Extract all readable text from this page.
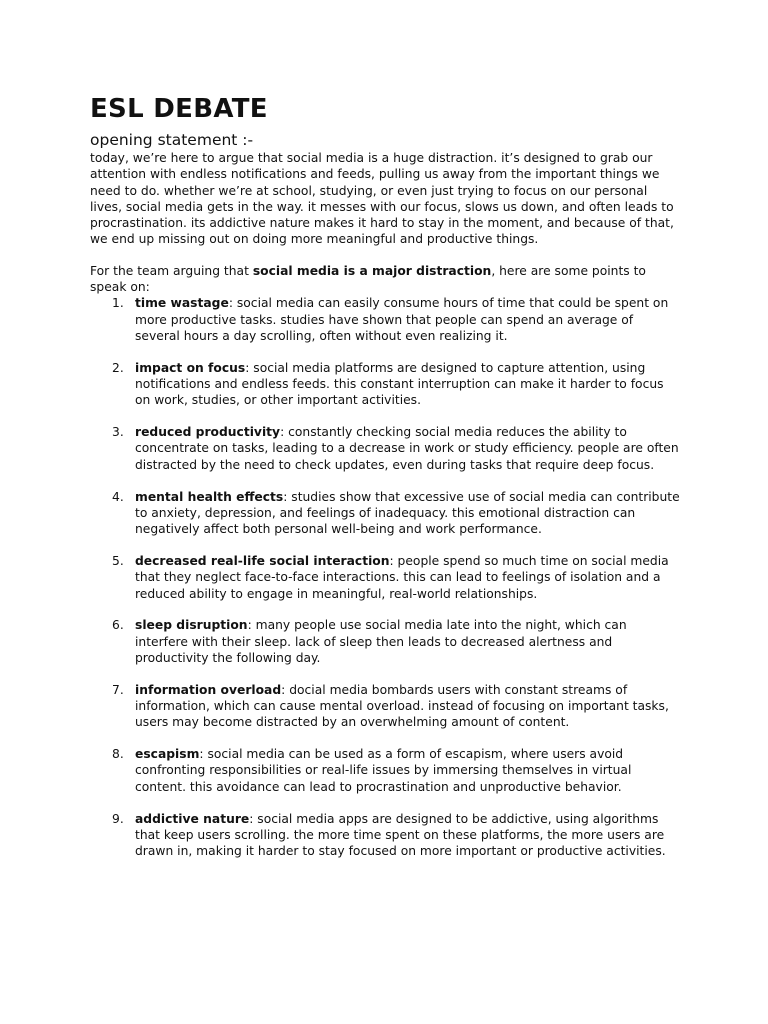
ESL DEBATE
opening statement :-

today, we’re here to argue that social media is a huge distraction. it’s designed to grab our attention with endless notifications and feeds, pulling us away from the important things we need to do. whether we’re at school, studying, or even just trying to focus on our personal lives, social media gets in the way. it messes with our focus, slows us down, and often leads to procrastination. its addictive nature makes it hard to stay in the moment, and because of that, we end up missing out on doing more meaningful and productive things.

For the team arguing that social media is a major distraction, here are some points to speak on:

1. time wastage: social media can easily consume hours of time that could be spent on more productive tasks. studies have shown that people can spend an average of several hours a day scrolling, often without even realizing it.
2. impact on focus: social media platforms are designed to capture attention, using notifications and endless feeds. this constant interruption can make it harder to focus on work, studies, or other important activities.
3. reduced productivity: constantly checking social media reduces the ability to concentrate on tasks, leading to a decrease in work or study efficiency. people are often distracted by the need to check updates, even during tasks that require deep focus.
4. mental health effects: studies show that excessive use of social media can contribute to anxiety, depression, and feelings of inadequacy. this emotional distraction can negatively affect both personal well-being and work performance.
5. decreased real-life social interaction: people spend so much time on social media that they neglect face-to-face interactions. this can lead to feelings of isolation and a reduced ability to engage in meaningful, real-world relationships.
6. sleep disruption: many people use social media late into the night, which can interfere with their sleep. lack of sleep then leads to decreased alertness and productivity the following day.
7. information overload: docial media bombards users with constant streams of information, which can cause mental overload. instead of focusing on important tasks, users may become distracted by an overwhelming amount of content.
8. escapism: social media can be used as a form of escapism, where users avoid confronting responsibilities or real-life issues by immersing themselves in virtual content. this avoidance can lead to procrastination and unproductive behavior.
9. addictive nature: social media apps are designed to be addictive, using algorithms that keep users scrolling. the more time spent on these platforms, the more users are drawn in, making it harder to stay focused on more important or productive activities.
